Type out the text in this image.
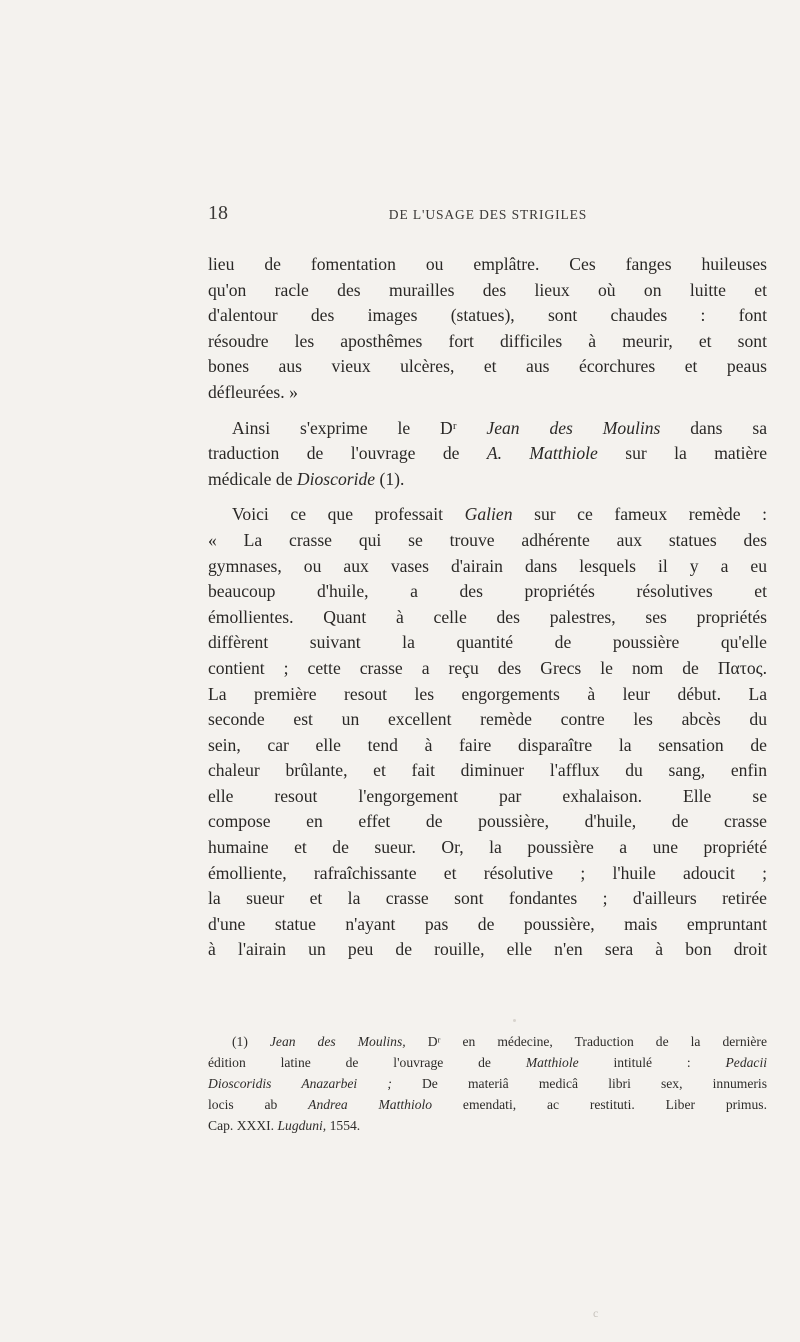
18	DE L'USAGE DES STRIGILES

lieu de fomentation ou emplâtre. Ces fanges huileuses
qu'on racle des murailles des lieux où on luitte et
d'alentour des images (statues), sont chaudes : font
résoudre les aposthêmes fort difficiles à meurir, et sont
bones aus vieux ulcères, et aus écorchures et peaus
défleurées. »

Ainsi s'exprime le Dʳ Jean des Moulins dans sa
traduction de l'ouvrage de A. Matthiole sur la matière
médicale de Dioscoride (1).

Voici ce que professait Galien sur ce fameux remède :
« La crasse qui se trouve adhérente aux statues des
gymnases, ou aux vases d'airain dans lesquels il y a eu
beaucoup d'huile, a des propriétés résolutives et
émollientes. Quant à celle des palestres, ses propriétés
diffèrent suivant la quantité de poussière qu'elle
contient ; cette crasse a reçu des Grecs le nom de Πατος.
La première resout les engorgements à leur début. La
seconde est un excellent remède contre les abcès du
sein, car elle tend à faire disparaître la sensation de
chaleur brûlante, et fait diminuer l'afflux du sang, enfin
elle resout l'engorgement par exhalaison. Elle se
compose en effet de poussière, d'huile, de crasse
humaine et de sueur. Or, la poussière a une propriété
émolliente, rafraîchissante et résolutive ; l'huile adoucit ;
la sueur et la crasse sont fondantes ; d'ailleurs retirée
d'une statue n'ayant pas de poussière, mais empruntant
à l'airain un peu de rouille, elle n'en sera à bon droit

(1) Jean des Moulins, Dʳ en médecine, Traduction de la dernière
édition latine de l'ouvrage de Matthiole intitulé : Pedacii
Dioscoridis Anazarbei ; De materiâ medicâ libri sex, innumeris
locis ab Andrea Matthiolo emendati, ac restituti. Liber primus.
Cap. XXXI. Lugduni, 1554.
c
